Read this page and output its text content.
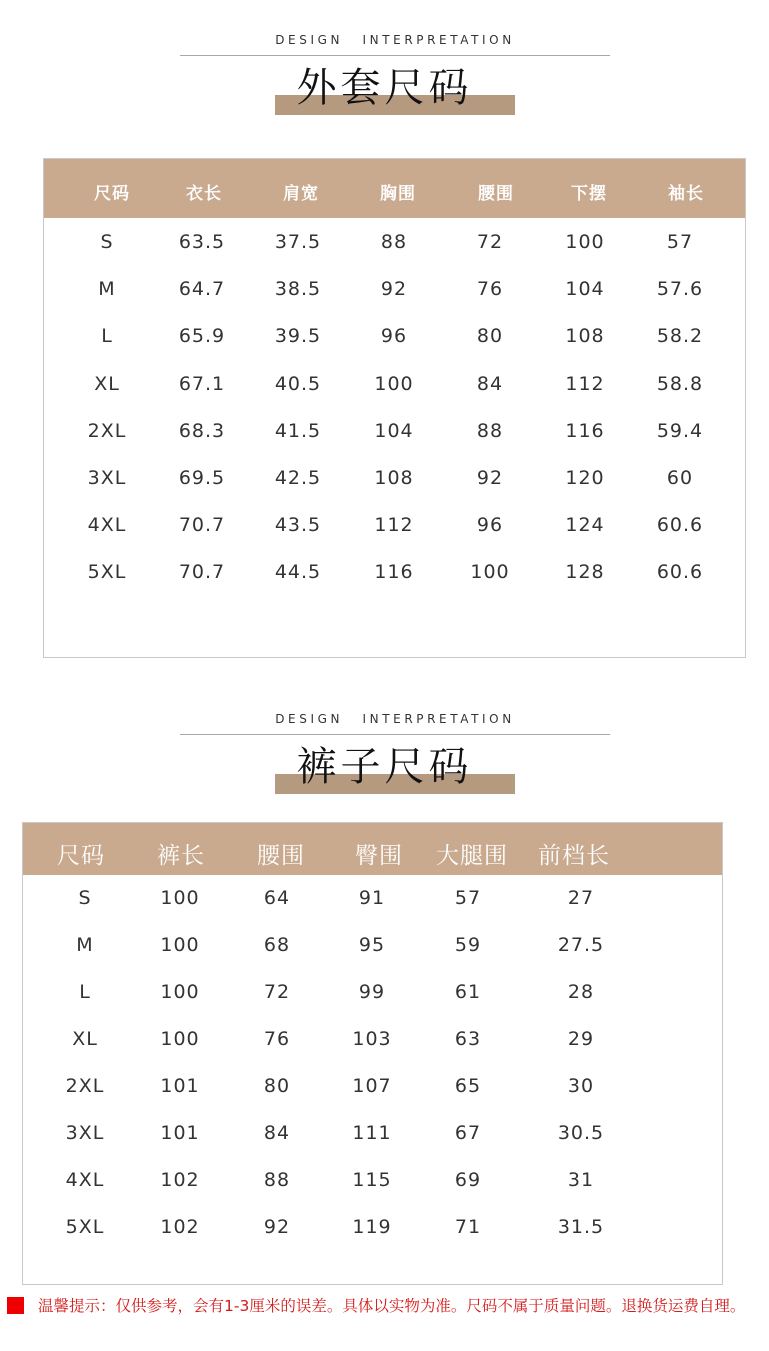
DESIGN INTERPRETATION
外套尺码
尺码	衣长	肩宽	胸围	腰围	下摆	袖长
S	63.5	37.5	88	72	100	57
M	64.7	38.5	92	76	104	57.6
L	65.9	39.5	96	80	108	58.2
XL	67.1	40.5	100	84	112	58.8
2XL	68.3	41.5	104	88	116	59.4
3XL	69.5	42.5	108	92	120	60
4XL	70.7	43.5	112	96	124	60.6
5XL	70.7	44.5	116	100	128	60.6
DESIGN INTERPRETATION
裤子尺码
尺码 裤长 腰围 臀围 大腿围 前档长
S	100	64	91	57	27
M	100	68	95	59	27.5
L	100	72	99	61	28
XL	100	76	103	63	29
2XL	101	80	107	65	30
3XL	101	84	111	67	30.5
4XL	102	88	115	69	31
5XL	102	92	119	71	31.5
温馨提示：仅供参考，会有1-3厘米的误差。具体以实物为准。尺码不属于质量问题。退换货运费自理。
